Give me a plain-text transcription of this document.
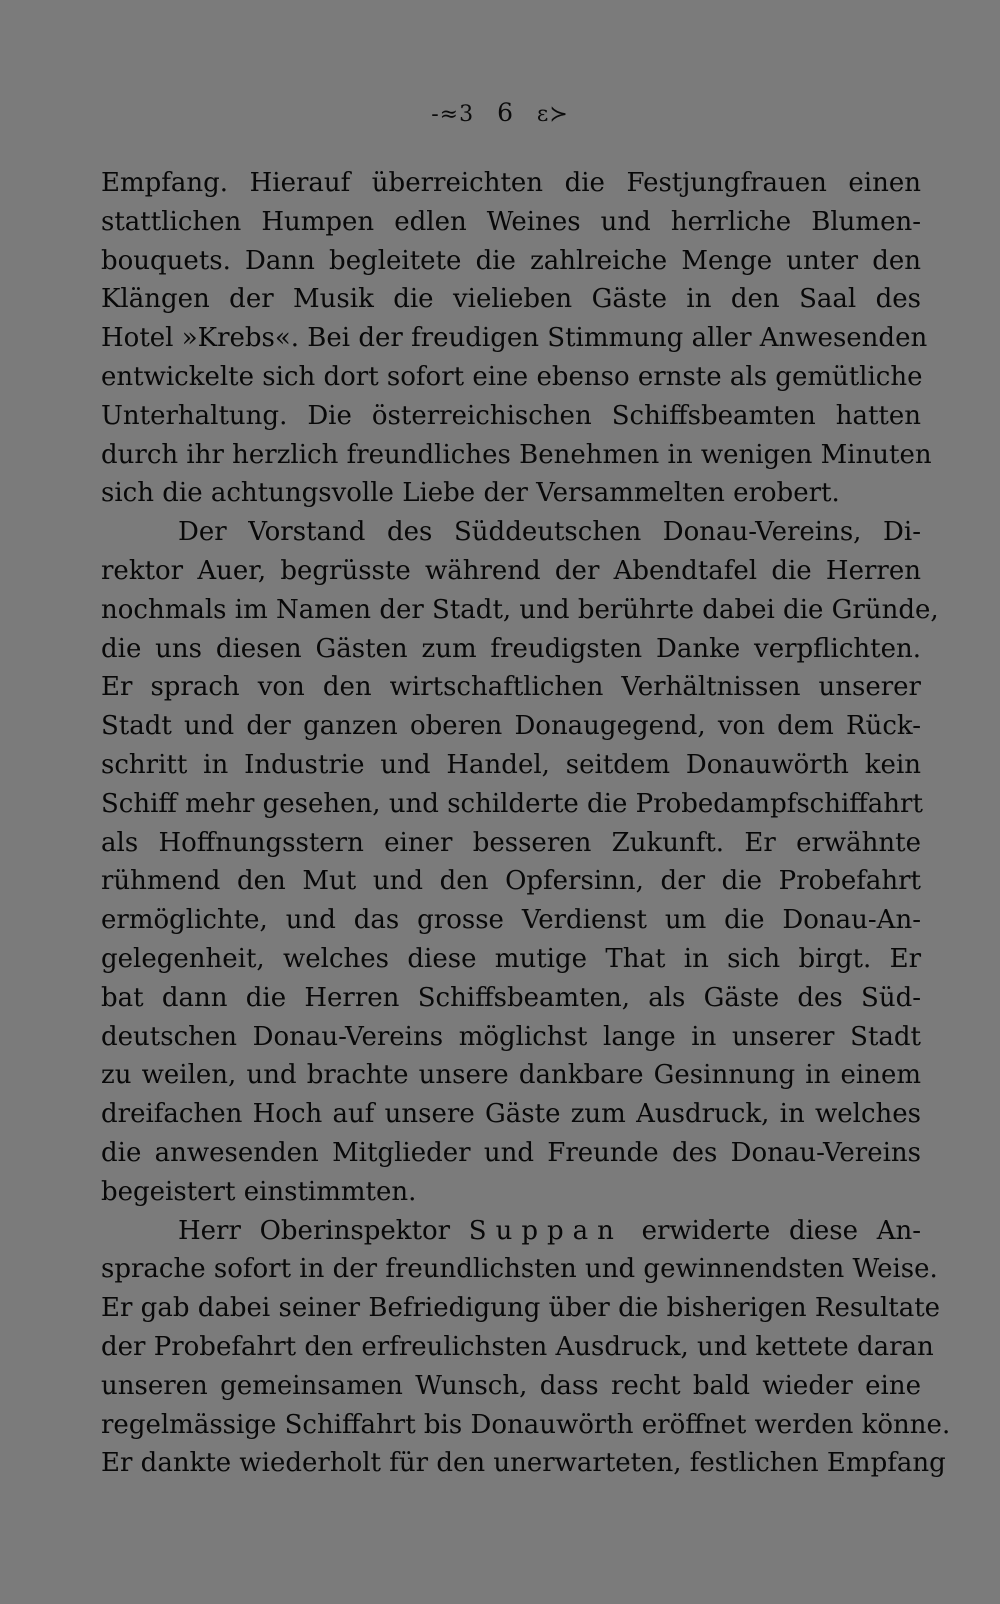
-≈3 6 ε≻
Empfang. Hierauf überreichten die Festjungfrauen einen
stattlichen Humpen edlen Weines und herrliche Blumen-
bouquets. Dann begleitete die zahlreiche Menge unter den
Klängen der Musik die vielieben Gäste in den Saal des
Hotel »Krebs«. Bei der freudigen Stimmung aller Anwesenden
entwickelte sich dort sofort eine ebenso ernste als gemütliche
Unterhaltung. Die österreichischen Schiffsbeamten hatten
durch ihr herzlich freundliches Benehmen in wenigen Minuten
sich die achtungsvolle Liebe der Versammelten erobert.
Der Vorstand des Süddeutschen Donau-Vereins, Di-
rektor Auer, begrüsste während der Abendtafel die Herren
nochmals im Namen der Stadt, und berührte dabei die Gründe,
die uns diesen Gästen zum freudigsten Danke verpflichten.
Er sprach von den wirtschaftlichen Verhältnissen unserer
Stadt und der ganzen oberen Donaugegend, von dem Rück-
schritt in Industrie und Handel, seitdem Donauwörth kein
Schiff mehr gesehen, und schilderte die Probedampfschiffahrt
als Hoffnungsstern einer besseren Zukunft. Er erwähnte
rühmend den Mut und den Opfersinn, der die Probefahrt
ermöglichte, und das grosse Verdienst um die Donau-An-
gelegenheit, welches diese mutige That in sich birgt. Er
bat dann die Herren Schiffsbeamten, als Gäste des Süd-
deutschen Donau-Vereins möglichst lange in unserer Stadt
zu weilen, und brachte unsere dankbare Gesinnung in einem
dreifachen Hoch auf unsere Gäste zum Ausdruck, in welches
die anwesenden Mitglieder und Freunde des Donau-Vereins
begeistert einstimmten.
Herr Oberinspektor Suppan erwiderte diese An-
sprache sofort in der freundlichsten und gewinnendsten Weise.
Er gab dabei seiner Befriedigung über die bisherigen Resultate
der Probefahrt den erfreulichsten Ausdruck, und kettete daran
unseren gemeinsamen Wunsch, dass recht bald wieder eine
regelmässige Schiffahrt bis Donauwörth eröffnet werden könne.
Er dankte wiederholt für den unerwarteten, festlichen Empfang
